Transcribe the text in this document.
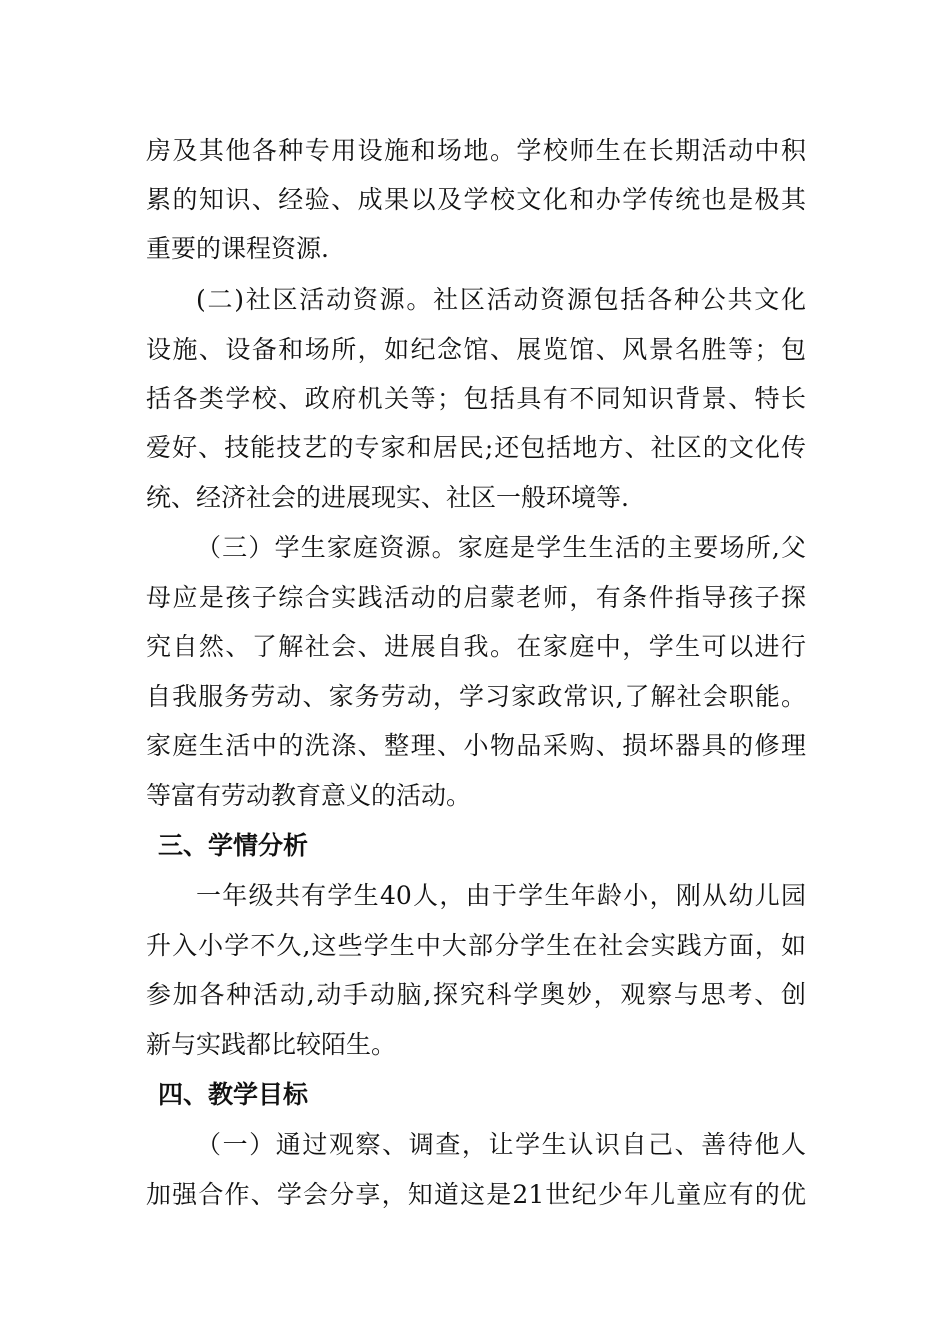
房及其他各种专用设施和场地。学校师生在长期活动中积
累的知识、经验、成果以及学校文化和办学传统也是极其
重要的课程资源.
(二)社区活动资源。社区活动资源包括各种公共文化
设施、设备和场所，如纪念馆、展览馆、风景名胜等；包
括各类学校、政府机关等；包括具有不同知识背景、特长
爱好、技能技艺的专家和居民;还包括地方、社区的文化传
统、经济社会的进展现实、社区一般环境等.
（三）学生家庭资源。家庭是学生生活的主要场所,父
母应是孩子综合实践活动的启蒙老师，有条件指导孩子探
究自然、了解社会、进展自我。在家庭中，学生可以进行
自我服务劳动、家务劳动，学习家政常识,了解社会职能。
家庭生活中的洗涤、整理、小物品采购、损坏器具的修理
等富有劳动教育意义的活动。
三、学情分析
一年级共有学生40人，由于学生年龄小，刚从幼儿园
升入小学不久,这些学生中大部分学生在社会实践方面，如
参加各种活动,动手动脑,探究科学奥妙，观察与思考、创
新与实践都比较陌生。
四、教学目标
（一）通过观察、调查，让学生认识自己、善待他人
加强合作、学会分享，知道这是21世纪少年儿童应有的优
